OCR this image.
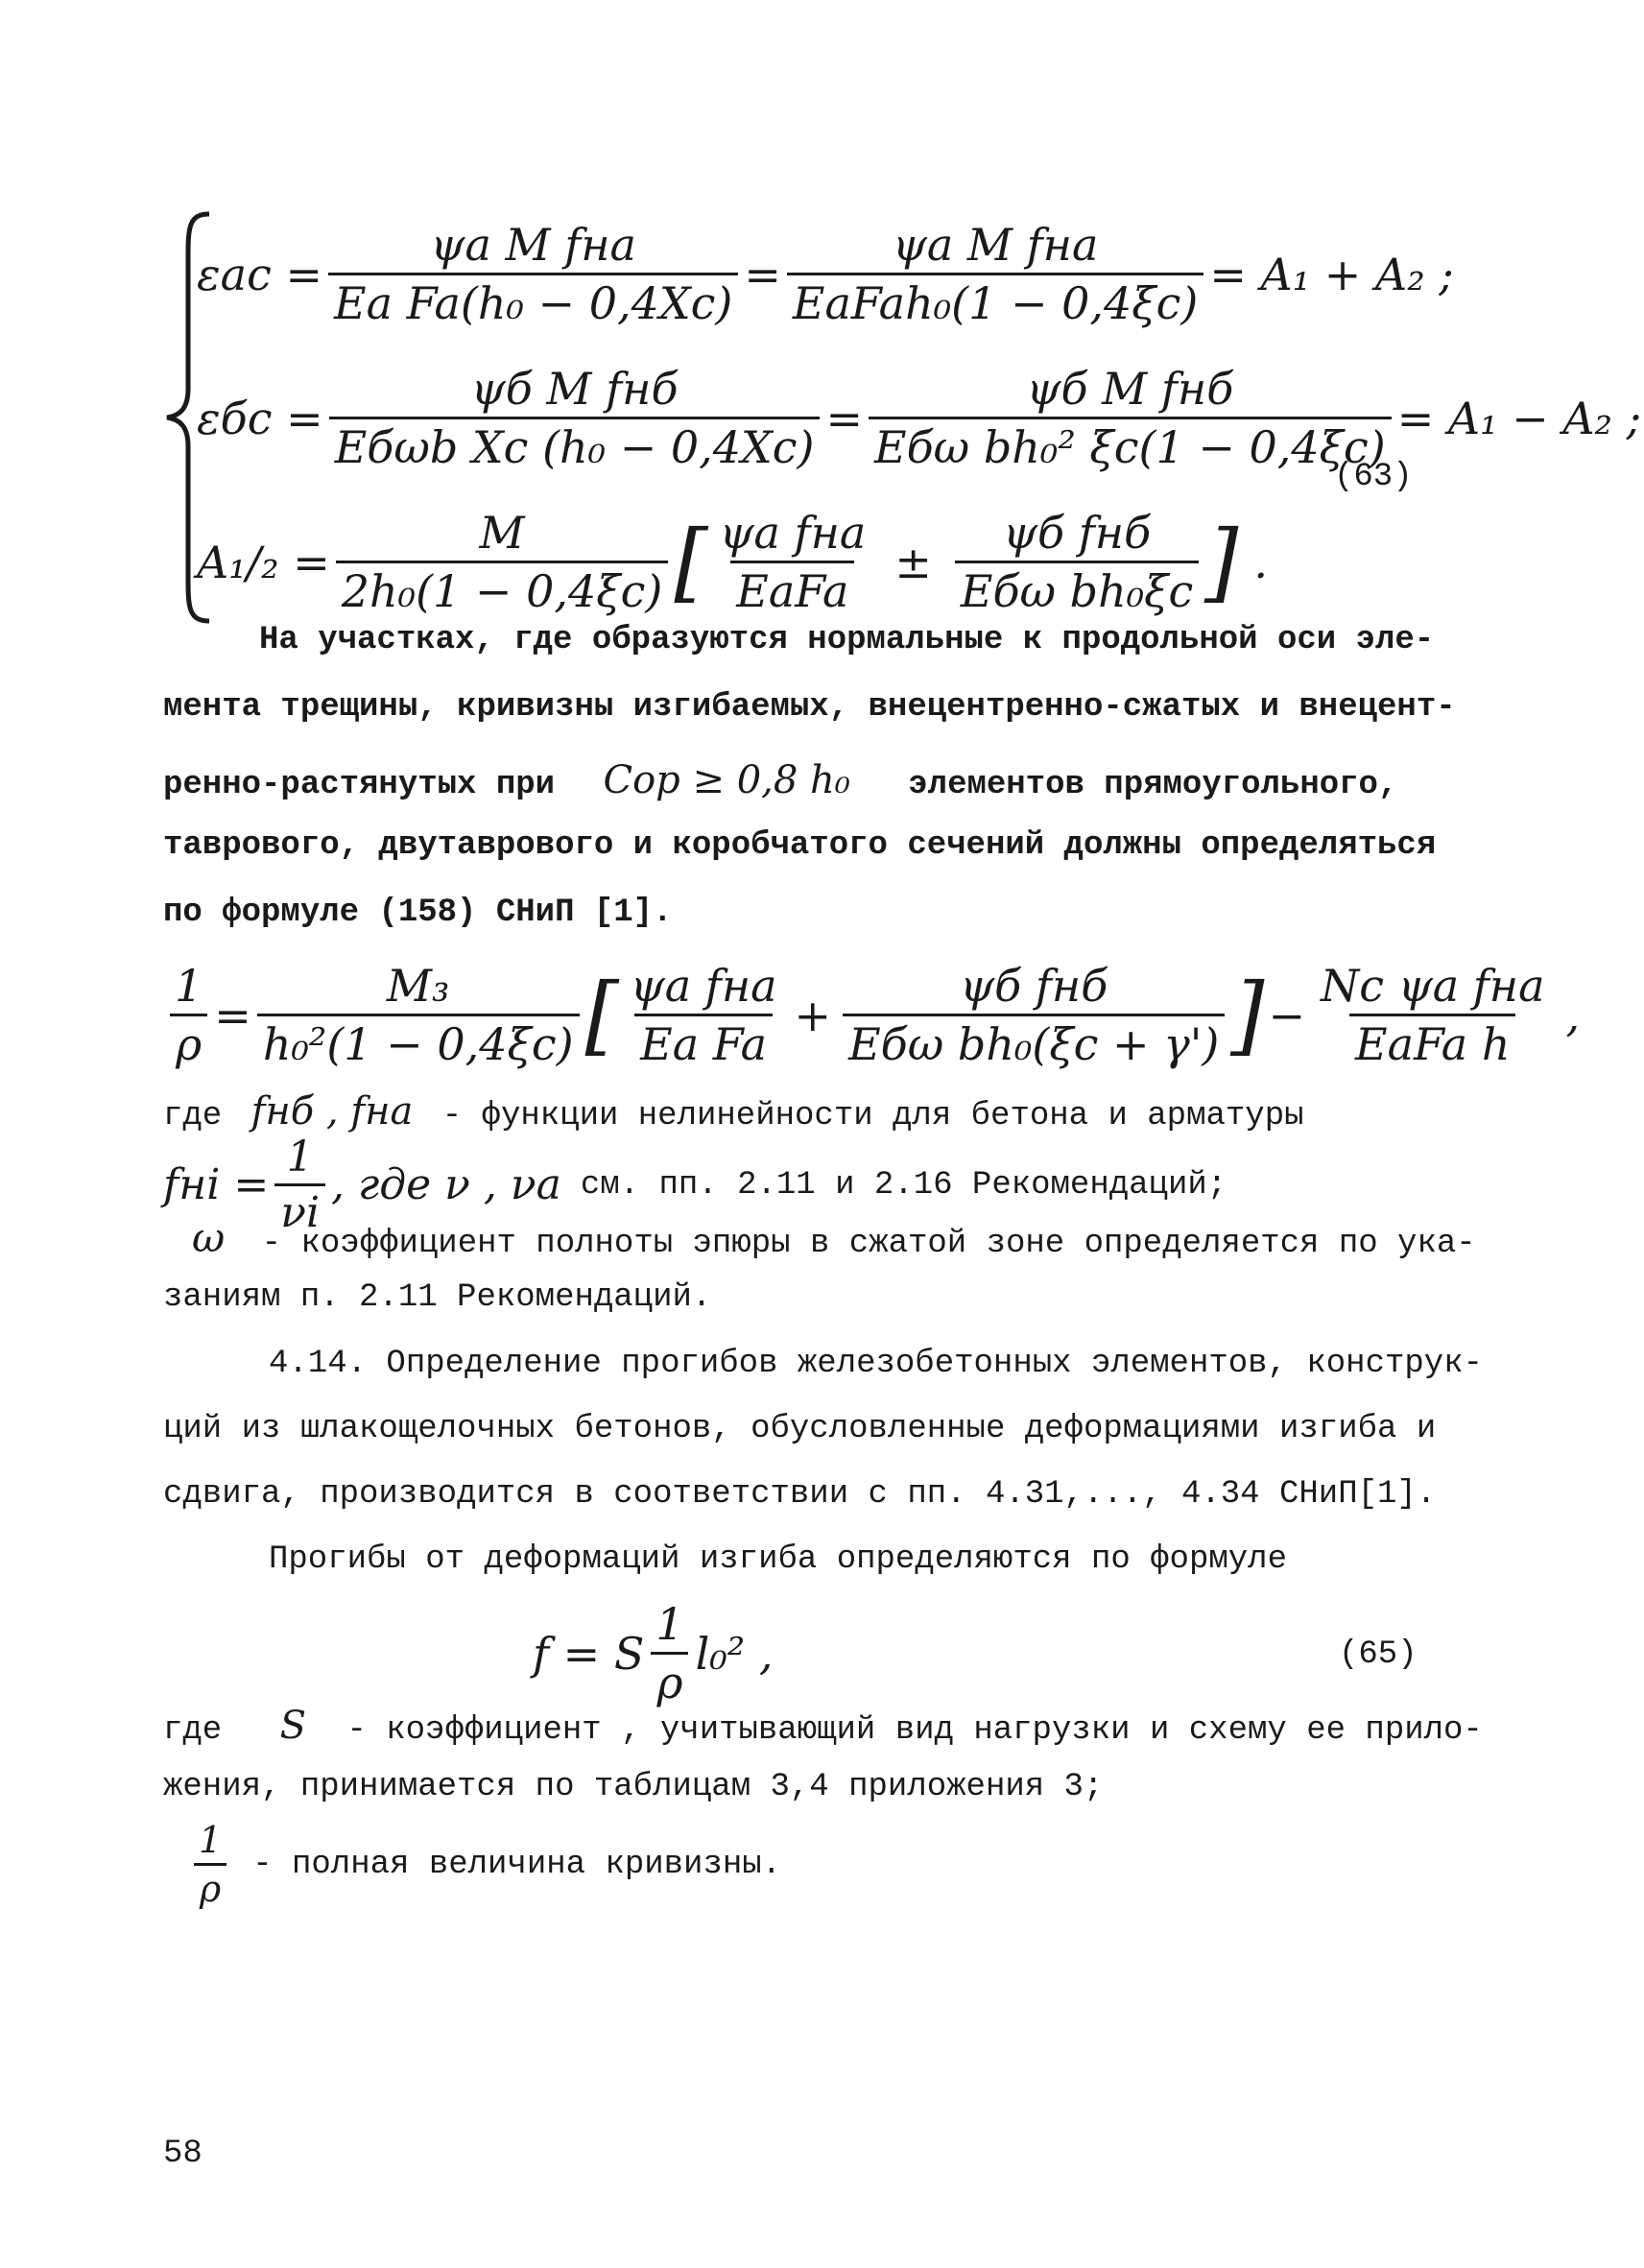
$\varepsilon ac = \frac{\text{ψa M fнa}}{\text{Ea Fa(h₀ − 0,4Xc)}} = \frac{\text{ψa M fнa}}{\text{EaFah₀(1 − 0,4ξc)}} = A_1 + A_2$ ;
$\varepsilon бc = \frac{\text{ψб M fнб}}{\text{Eбωb Xc (h₀ − 0,4Xc)}} = \frac{\text{ψб M fнб}}{\text{Eбω bh₀² ξc(1 − 0,4ξc)}} = A_1 - A_2$ ;
(63)
$A_1/_2 = \frac{M}{\text{2h₀(1 − 0,4ξc)}}$ [ $\frac{\text{ψa fнa}}{\text{EaFa}} \pm \frac{\text{ψб fнб}}{\text{Eбω bh₀ξc}}$ ] .
На участках, где образуются нормальные к продольной оси эле-
мента трещины, кривизны изгибаемых, внецентренно-сжатых и внецент-
ренно-растянутых при Cop ≥ 0,8 h₀ элементов прямоугольного,
таврового, двутаврового и коробчатого сечений должны определяться
по формуле (158) СНиП [1].
$\frac{1}{\rho} = \frac{\text{M₃}}{\text{h₀²(1 − 0,4ξc)}}$ [ $\frac{\text{ψa fнa}}{\text{Ea Fa}} + \frac{\text{ψб fнб}}{\text{Eбω bh₀(ξc + γ')}}$ ] − $\frac{\text{Nc ψa fнa}}{\text{EaFa h}}$ ,
где fнб , fнa - функции нелинейности для бетона и арматуры
fнi = $\frac{1}{\nu i}$ , где ν , νa см. пп. 2.11 и 2.16 Рекомендаций;
ω - коэффициент полноты эпюры в сжатой зоне определяется по ука-
заниям п. 2.11 Рекомендаций.
4.14. Определение прогибов железобетонных элементов, конструк-
ций из шлакощелочных бетонов, обусловленные деформациями изгиба и
сдвига, производится в соответствии с пп. 4.31,..., 4.34 СНиП[1].
Прогибы от деформаций изгиба определяются по формуле
f = S $\frac{1}{\rho} l_0^2$ ,	(65)
где S - коэффициент , учитывающий вид нагрузки и схему ее прило-
жения, принимается по таблицам 3,4 приложения 3;
$\frac{1}{\rho}$ - полная величина кривизны.
58
